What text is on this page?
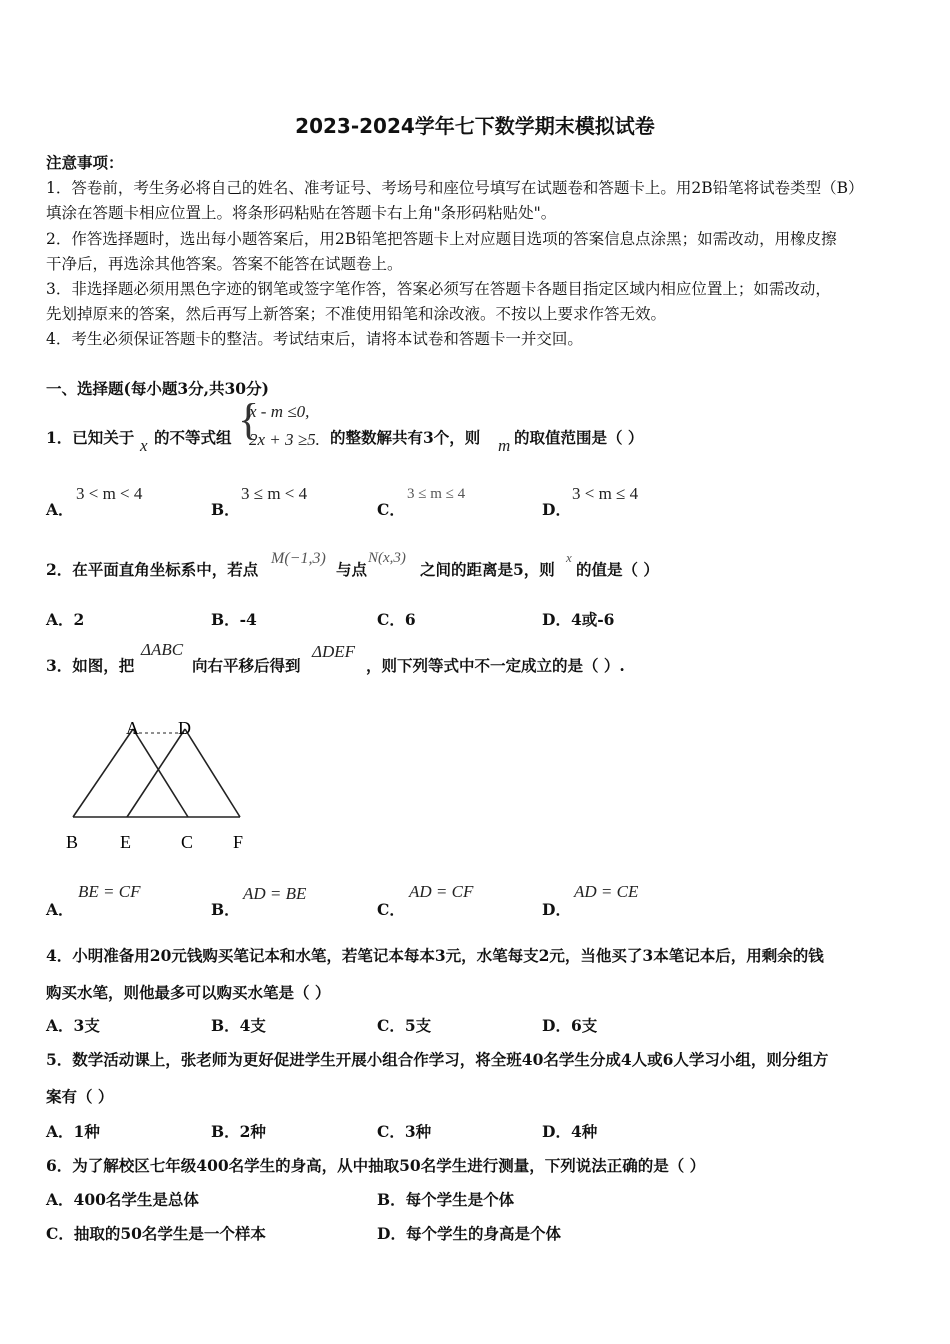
2023-2024学年七下数学期末模拟试卷
注意事项：
1．答卷前，考生务必将自己的姓名、准考证号、考场号和座位号填写在试题卷和答题卡上。用2B铅笔将试卷类型（B）
填涂在答题卡相应位置上。将条形码粘贴在答题卡右上角"条形码粘贴处"。
2．作答选择题时，选出每小题答案后，用2B铅笔把答题卡上对应题目选项的答案信息点涂黑；如需改动，用橡皮擦
干净后，再选涂其他答案。答案不能答在试题卷上。
3．非选择题必须用黑色字迹的钢笔或签字笔作答，答案必须写在答题卡各题目指定区域内相应位置上；如需改动，
先划掉原来的答案，然后再写上新答案；不准使用铅笔和涂改液。不按以上要求作答无效。
4．考生必须保证答题卡的整洁。考试结束后，请将本试卷和答题卡一并交回。
一、选择题(每小题3分,共30分)
1．已知关于 x 的不等式组 {
x - m ≤0,
2x + 3 ≥5. 的整数解共有3个，则 m 的取值范围是（ ）
A．
3 < m < 4
B．
3 ≤ m < 4
C．
3 ≤ m ≤ 4
D．
3 < m ≤ 4
2．在平面直角坐标系中，若点
M(−1,3)
与点
N(x,3)
之间的距离是5，则
x
的值是（ ）
A．2	B．-4	C．6	D．4或-6
3．如图，把
ΔABC
向右平移后得到
ΔDEF
，则下列等式中不一定成立的是（ ）.
A D
B E	C F
A．
BE = CF
B．
AD = BE
C．
AD = CF
D．
AD = CE
4．小明准备用20元钱购买笔记本和水笔，若笔记本每本3元，水笔每支2元，当他买了3本笔记本后，用剩余的钱
购买水笔，则他最多可以购买水笔是（ ）
A．3支	B．4支	C．5支	D．6支
5．数学活动课上，张老师为更好促进学生开展小组合作学习，将全班40名学生分成4人或6人学习小组，则分组方
案有（ ）
A．1种	B．2种	C．3种	D．4种
6．为了解校区七年级400名学生的身高，从中抽取50名学生进行测量，下列说法正确的是（ ）
A．400名学生是总体	B．每个学生是个体
C．抽取的50名学生是一个样本	D．每个学生的身高是个体
